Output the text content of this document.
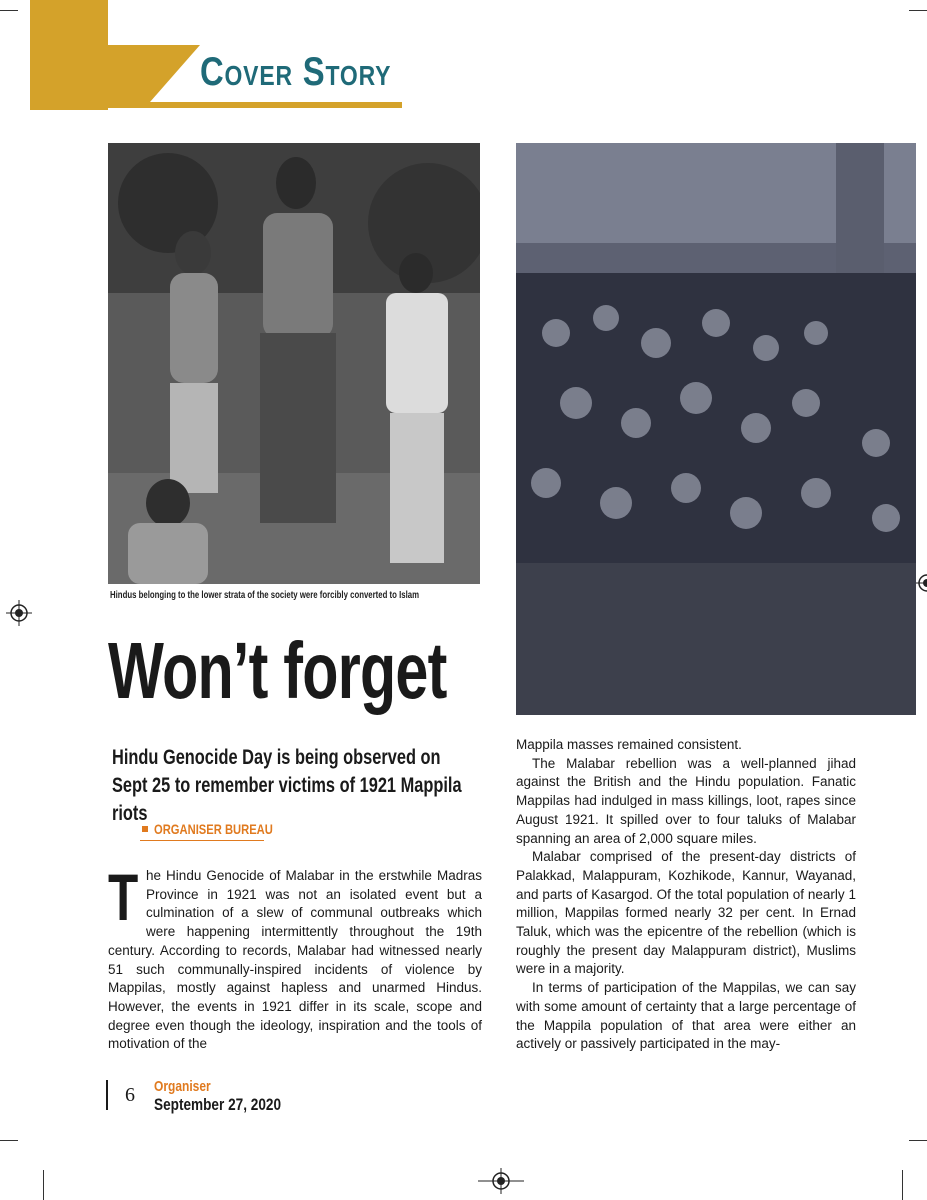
Cover Story
Hindus belonging to the lower strata of the society were forcibly converted to Islam
Won’t forget
Hindu Genocide Day is being observed on Sept 25 to remember victims of 1921 Mappila riots
ORGANISER BUREAU
T he Hindu Genocide of Malabar in the erstwhile Madras Province in 1921 was not an isolated event but a culmination of a slew of communal outbreaks which were happening intermittently throughout the 19th century. According to records, Malabar had witnessed nearly 51 such communally-inspired incidents of violence by Mappilas, mostly against hapless and unarmed Hindus. However, the events in 1921 differ in its scale, scope and degree even though the ideology, inspiration and the tools of motivation of the

Mappila masses remained consistent.

The Malabar rebellion was a well-planned jihad against the British and the Hindu population. Fanatic Mappilas had indulged in mass killings, loot, rapes since August 1921. It spilled over to four taluks of Malabar spanning an area of 2,000 square miles.

Malabar comprised of the present-day districts of Palakkad, Malappuram, Kozhikode, Kannur, Wayanad, and parts of Kasargod. Of the total population of nearly 1 million, Mappilas formed nearly 32 per cent. In Ernad Taluk, which was the epicentre of the rebellion (which is roughly the present day Malappuram district), Muslims were in a majority.

In terms of participation of the Mappilas, we can say with some amount of certainty that a large percentage of the Mappila population of that area were either an actively or passively participated in the may-

6 Organiser
September 27, 2020
